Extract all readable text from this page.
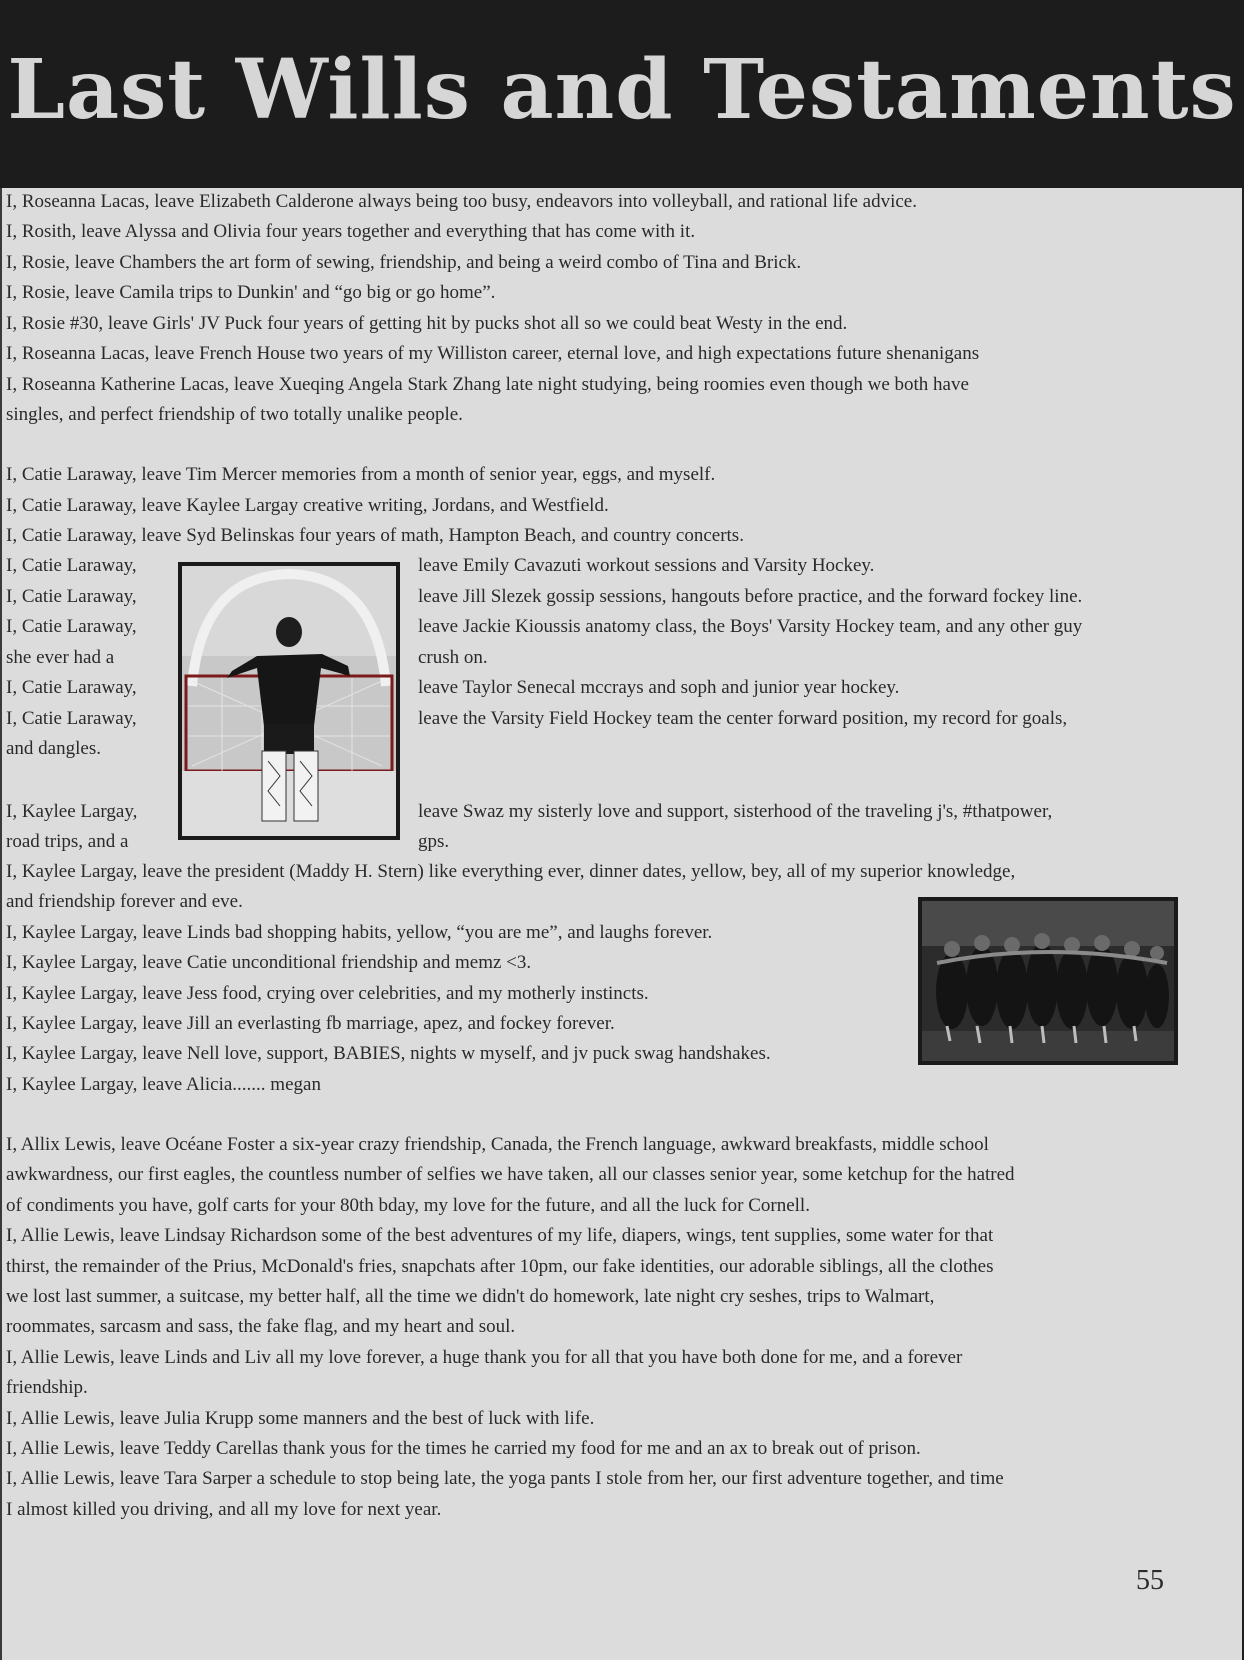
Last Wills and Testaments
I, Roseanna Lacas, leave Elizabeth Calderone always being too busy, endeavors into volleyball, and rational life advice.
I, Rosith, leave Alyssa and Olivia four years together and everything that has come with it.
I, Rosie, leave Chambers the art form of sewing, friendship, and being a weird combo of Tina and Brick.
I, Rosie, leave Camila trips to Dunkin' and “go big or go home”.
I, Rosie #30, leave Girls' JV Puck four years of getting hit by pucks shot all so we could beat Westy in the end.
I, Roseanna Lacas, leave French House two years of my Williston career, eternal love, and high expectations future shenanigans
I, Roseanna Katherine Lacas, leave Xueqing Angela Stark Zhang late night studying, being roomies even though we both have
singles, and perfect friendship of two totally unalike people.
I, Catie Laraway, leave Tim Mercer memories from a month of senior year, eggs, and myself.
I, Catie Laraway, leave Kaylee Largay creative writing, Jordans, and Westfield.
I, Catie Laraway, leave Syd Belinskas four years of math, Hampton Beach, and country concerts.
I, Catie Laraway,	leave Emily Cavazuti workout sessions and Varsity Hockey.
I, Catie Laraway,	leave Jill Slezek gossip sessions, hangouts before practice, and the forward fockey line.
I, Catie Laraway,	leave Jackie Kioussis anatomy class, the Boys' Varsity Hockey team, and any other guy
she ever had a	crush on.
I, Catie Laraway,	leave Taylor Senecal mccrays and soph and junior year hockey.
I, Catie Laraway,	leave the Varsity Field Hockey team the center forward position, my record for goals,
and dangles.
I, Kaylee Largay,	leave Swaz my sisterly love and support, sisterhood of the traveling j's, #thatpower,
road trips, and a	gps.
I, Kaylee Largay, leave the president (Maddy H. Stern) like everything ever, dinner dates, yellow, bey, all of my superior knowledge,
and friendship forever and eve.
I, Kaylee Largay, leave Linds bad shopping habits, yellow, “you are me”, and laughs forever.
I, Kaylee Largay, leave Catie unconditional friendship and memz <3.
I, Kaylee Largay, leave Jess food, crying over celebrities, and my motherly instincts.
I, Kaylee Largay, leave Jill an everlasting fb marriage, apez, and fockey forever.
I, Kaylee Largay, leave Nell love, support, BABIES, nights w myself, and jv puck swag handshakes.
I, Kaylee Largay, leave Alicia....... megan
I, Allix Lewis, leave Océane Foster a six-year crazy friendship, Canada, the French language, awkward breakfasts, middle school
awkwardness, our first eagles, the countless number of selfies we have taken, all our classes senior year, some ketchup for the hatred
of condiments you have, golf carts for your 80th bday, my love for the future, and all the luck for Cornell.
I, Allie Lewis, leave Lindsay Richardson some of the best adventures of my life, diapers, wings, tent supplies, some water for that
thirst, the remainder of the Prius, McDonald's fries, snapchats after 10pm, our fake identities, our adorable siblings, all the clothes
we lost last summer, a suitcase, my better half, all the time we didn't do homework, late night cry seshes, trips to Walmart,
roommates, sarcasm and sass, the fake flag, and my heart and soul.
I, Allie Lewis, leave Linds and Liv all my love forever, a huge thank you for all that you have both done for me, and a forever
friendship.
I, Allie Lewis, leave Julia Krupp some manners and the best of luck with life.
I, Allie Lewis, leave Teddy Carellas thank yous for the times he carried my food for me and an ax to break out of prison.
I, Allie Lewis, leave Tara Sarper a schedule to stop being late, the yoga pants I stole from her, our first adventure together, and time
I almost killed you driving, and all my love for next year.
55
